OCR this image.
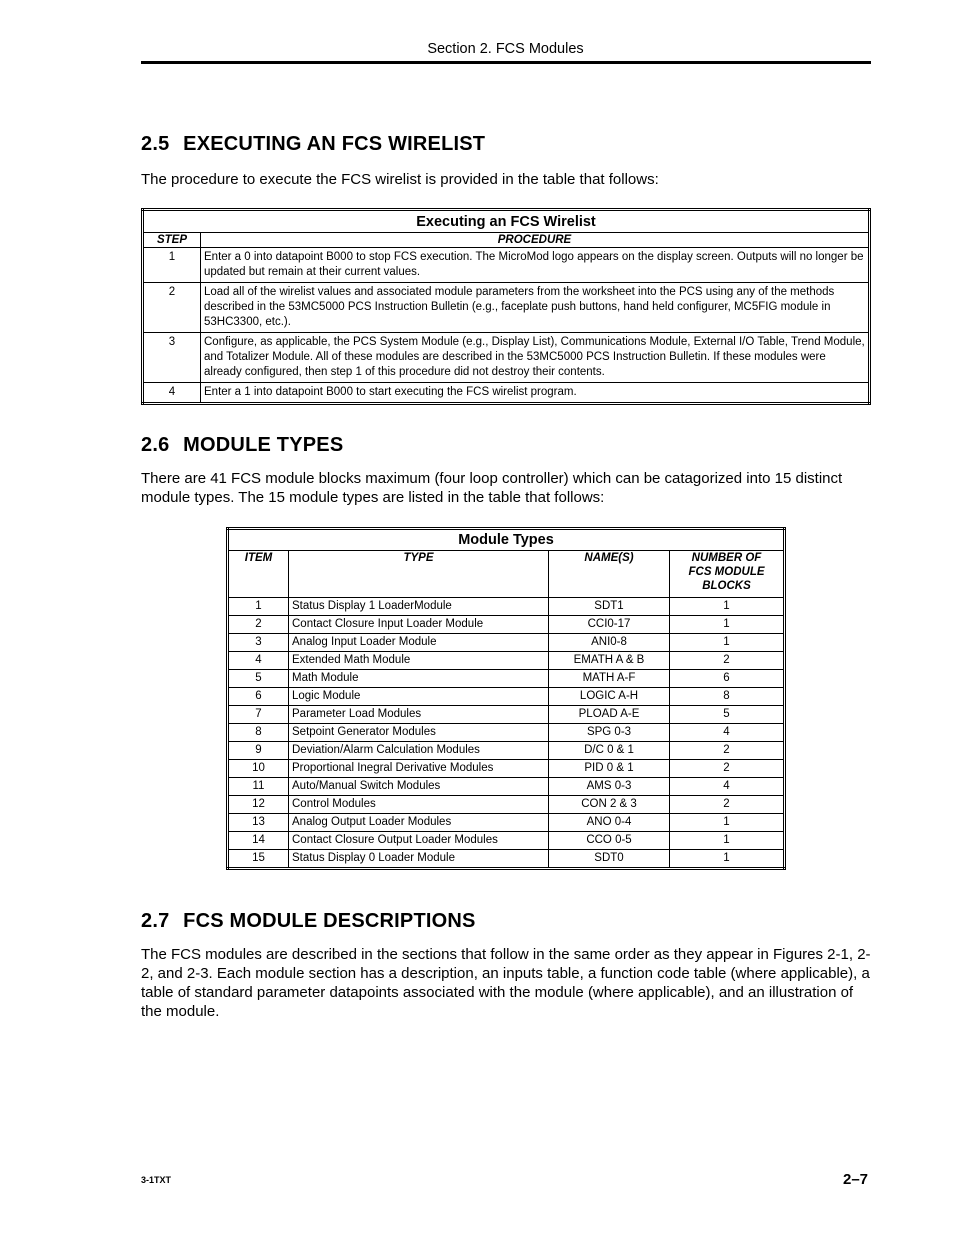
Section 2. FCS Modules
2.5 EXECUTING AN FCS WIRELIST

The procedure to execute the FCS wirelist is provided in the table that follows:

Executing an FCS Wirelist	
STEP	PROCEDURE
1	Enter a 0 into datapoint B000 to stop FCS execution. The MicroMod logo appears on the display screen. Outputs will no longer be updated but remain at their current values.
2	Load all of the wirelist values and associated module parameters from the worksheet into the PCS using any of the methods described in the 53MC5000 PCS Instruction Bulletin (e.g., faceplate push buttons, hand held configurer, MC5FIG module in 53HC3300, etc.).
3	Configure, as applicable, the PCS System Module (e.g., Display List), Communications Module, External I/O Table, Trend Module, and Totalizer Module. All of these modules are described in the 53MC5000 PCS Instruction Bulletin. If these modules were already configured, then step 1 of this procedure did not destroy their contents.
4	Enter a 1 into datapoint B000 to start executing the FCS wirelist program.
2.6 MODULE TYPES

There are 41 FCS module blocks maximum (four loop controller) which can be catagorized into 15 distinct module types. The 15 module types are listed in the table that follows:

Module Types			
ITEM	TYPE	NAME(S)	NUMBER OF FCS MODULE BLOCKS
1	Status Display 1 LoaderModule	SDT1	1
2	Contact Closure Input Loader Module	CCI0-17	1
3	Analog Input Loader Module	ANI0-8	1
4	Extended Math Module	EMATH A & B	2
5	Math Module	MATH A-F	6
6	Logic Module	LOGIC A-H	8
7	Parameter Load Modules	PLOAD A-E	5
8	Setpoint Generator Modules	SPG 0-3	4
9	Deviation/Alarm Calculation Modules	D/C 0 & 1	2
10	Proportional Inegral Derivative Modules	PID 0 & 1	2
11	Auto/Manual Switch Modules	AMS 0-3	4
12	Control Modules	CON 2 & 3	2
13	Analog Output Loader Modules	ANO 0-4	1
14	Contact Closure Output Loader Modules	CCO 0-5	1
15	Status Display 0 Loader Module	SDT0	1
2.7 FCS MODULE DESCRIPTIONS

The FCS modules are described in the sections that follow in the same order as they appear in Figures 2-1, 2-2, and 2-3. Each module section has a description, an inputs table, a function code table (where applicable), a table of standard parameter datapoints associated with the module (where applicable), and an illustration of the module.

3-1TXT	2–7
